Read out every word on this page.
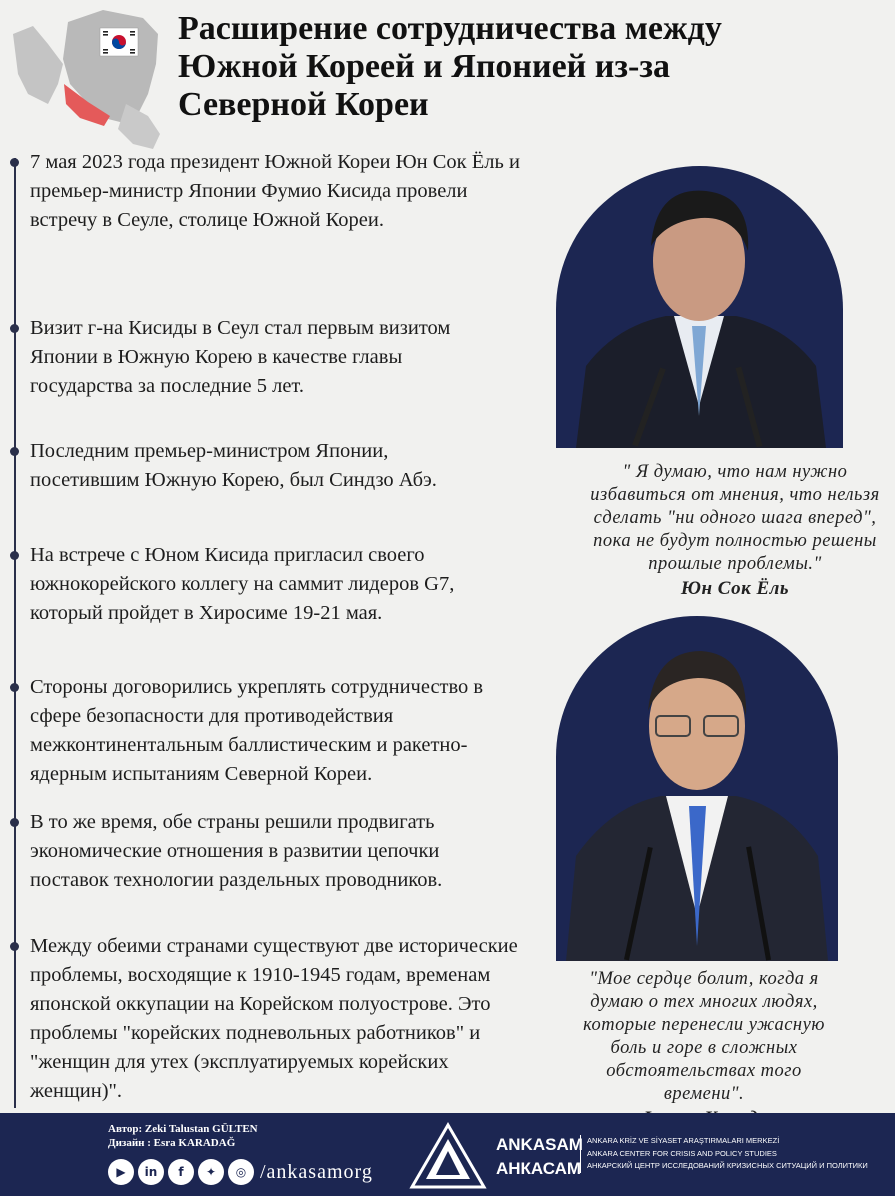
Расширение сотрудничества между Южной Кореей и Японией из-за Северной Кореи
7 мая 2023 года президент Южной Кореи Юн Сок Ёль и премьер-министр Японии Фумио Кисида провели встречу в Сеуле, столице Южной Кореи.
Визит г-на Кисиды в Сеул стал первым визитом Японии в Южную Корею в качестве главы государства за последние 5 лет.
Последним премьер-министром Японии, посетившим Южную Корею, был Синдзо Абэ.
На встрече с Юном Кисида пригласил своего южнокорейского коллегу на саммит лидеров G7, который пройдет в Хиросиме 19-21 мая.
Стороны договорились укреплять сотрудничество в сфере безопасности для противодействия межконтинентальным баллистическим и ракетно-ядерным испытаниям Северной Кореи.
В то же время, обе страны решили продвигать экономические отношения в развитии цепочки поставок технологии раздельных проводников.
Между обеими странами существуют две исторические проблемы, восходящие к 1910-1945 годам, временам японской оккупации на Корейском полуострове. Это проблемы "корейских подневольных работников" и "женщин для утех (эксплуатируемых корейских женщин)".
" Я думаю, что нам нужно избавиться от мнения, что нельзя сделать "ни одного шага вперед", пока не будут полностью решены прошлые проблемы."
Юн Сок Ёль
"Мое сердце болит, когда я думаю о тех многих людях, которые перенесли ужасную боль и горе в сложных обстоятельствах того времени".
Автор: Zeki Talustan GÜLTEN
Дизайн : Esra KARADAĞ
▶	in	f	✦	◎ /ankasamorg
ANKASAM
АНКАСАМ
ANKARA KRİZ VE SİYASET ARAŞTIRMALARI MERKEZİ
ANKARA CENTER FOR CRISIS AND POLICY STUDIES
АНКАРСКИЙ ЦЕНТР ИССЛЕДОВАНИЙ КРИЗИСНЫХ СИТУАЦИЙ И ПОЛИТИКИ
